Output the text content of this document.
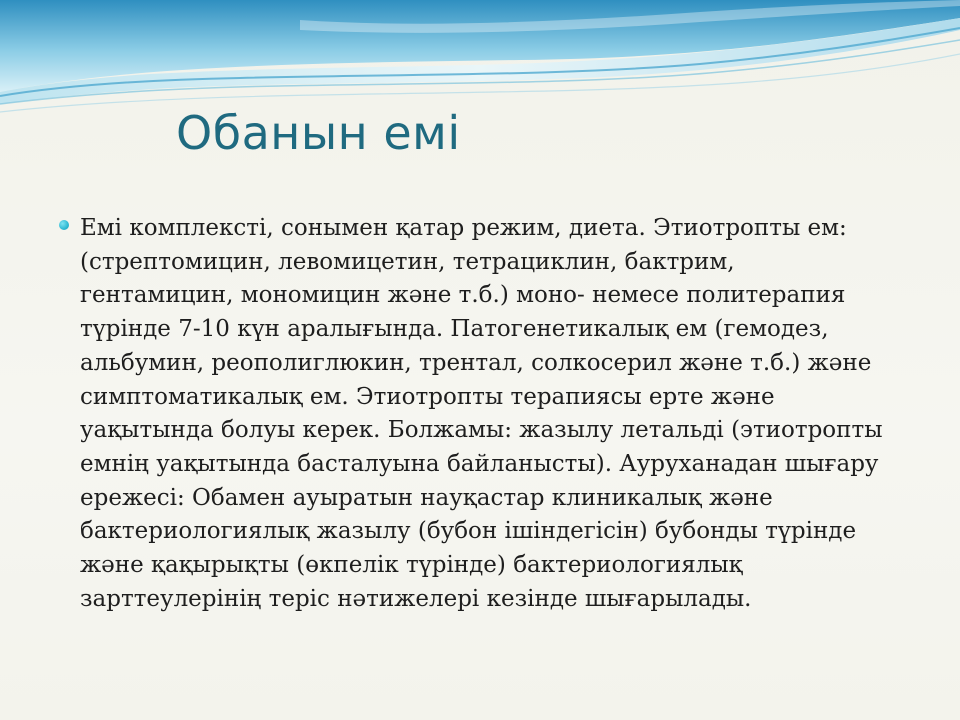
Обанын емі

Емі комплексті, сонымен қатар режим, диета. Этиотропты ем: (стрептомицин, левомицетин, тетрациклин, бактрим, гентамицин, мономицин және т.б.) моно- немесе политерапия түрінде 7-10 күн аралығында. Патогенетикалық ем (гемодез, альбумин, реополиглюкин, трентал, солкосерил және т.б.) және симптоматикалық ем. Этиотропты терапиясы ерте және уақытында болуы керек. Болжамы: жазылу летальді (этиотропты емнің уақытында басталуына байланысты). Ауруханадан шығару ережесі: Обамен ауыратын науқастар клиникалық және бактериологиялық жазылу (бубон ішіндегісін) бубонды түрінде және қақырықты (өкпелік түрінде) бактериологиялық зарттеулерінің теріс нәтижелері кезінде шығарылады.
